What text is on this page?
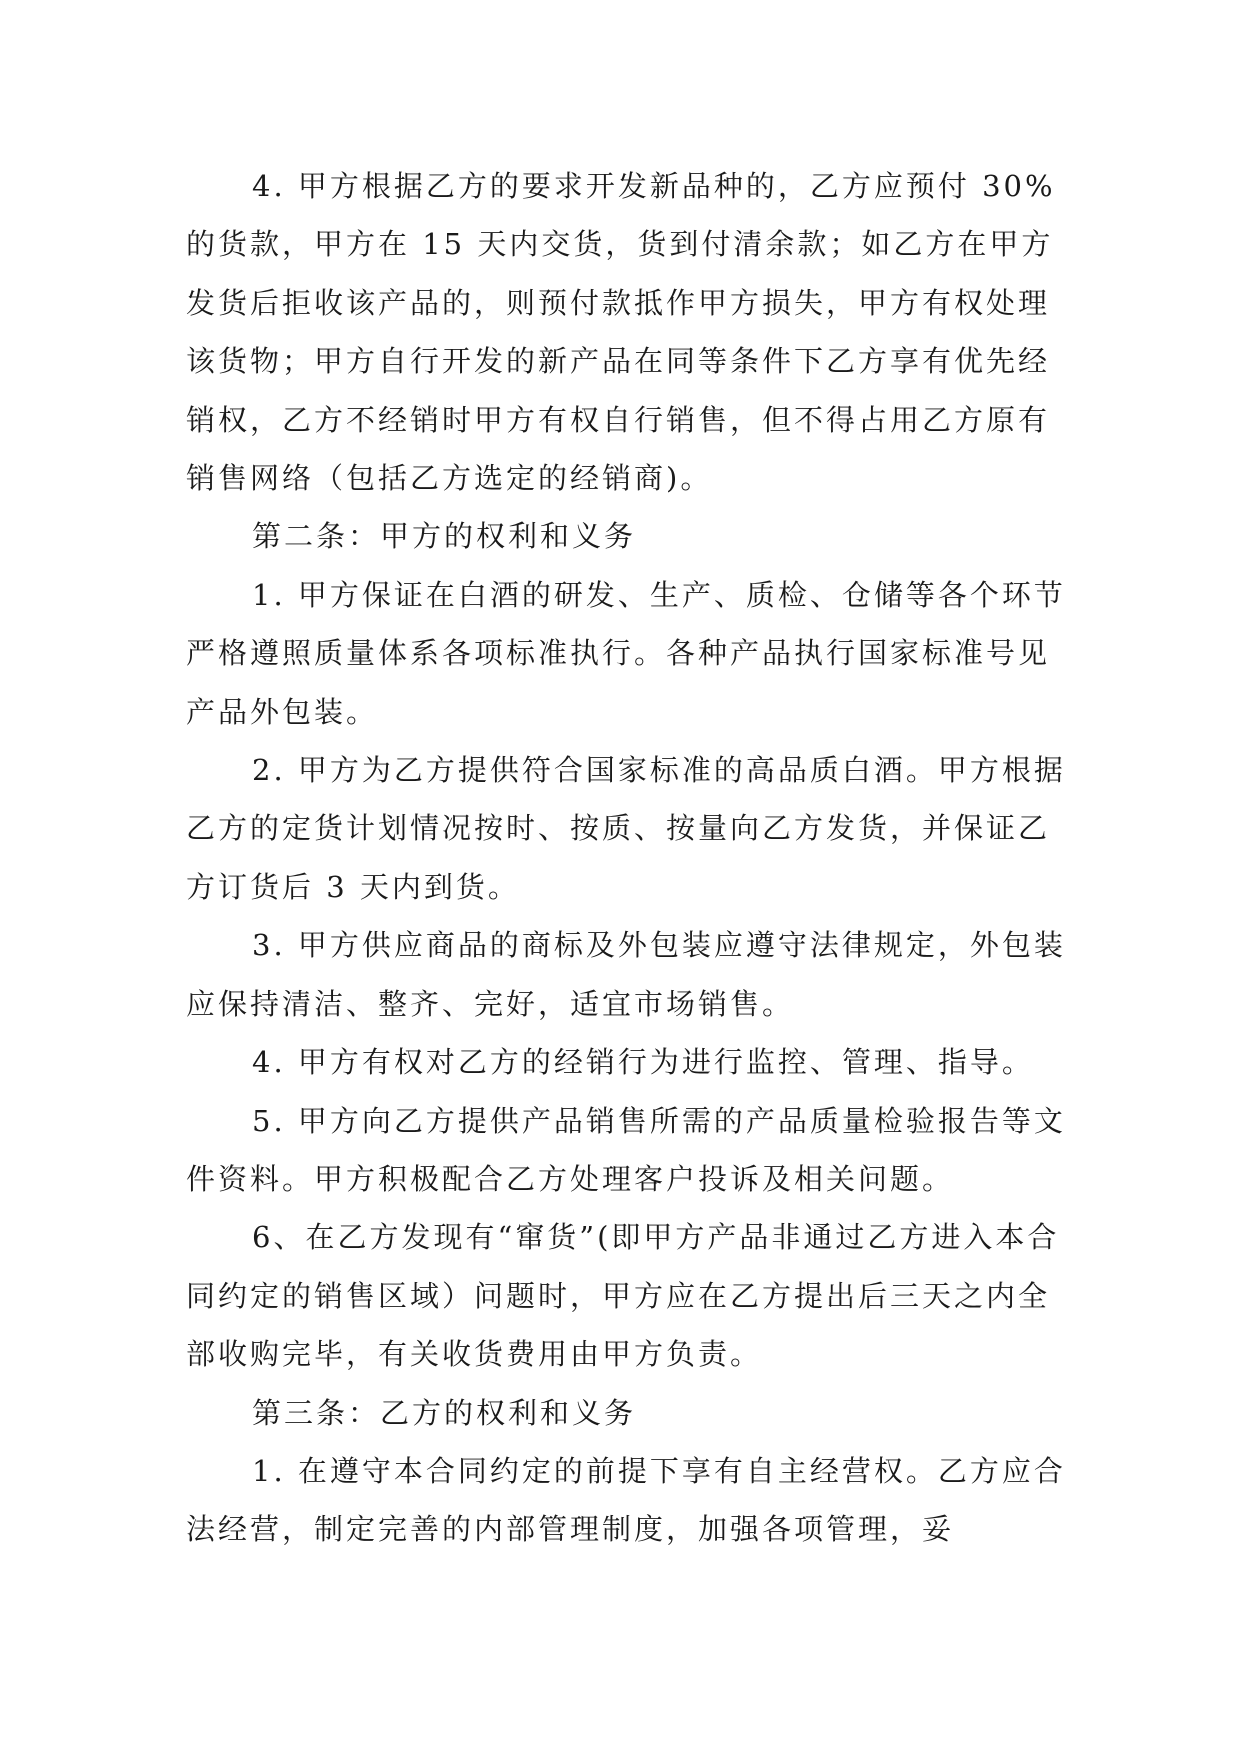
4. 甲方根据乙方的要求开发新品种的，乙方应预付 30%的货款，甲方在 15 天内交货，货到付清余款；如乙方在甲方发货后拒收该产品的，则预付款抵作甲方损失，甲方有权处理该货物；甲方自行开发的新产品在同等条件下乙方享有优先经销权，乙方不经销时甲方有权自行销售，但不得占用乙方原有销售网络（包括乙方选定的经销商)。

第二条：甲方的权利和义务

1. 甲方保证在白酒的研发、生产、质检、仓储等各个环节严格遵照质量体系各项标准执行。各种产品执行国家标准号见产品外包装。

2. 甲方为乙方提供符合国家标准的高品质白酒。甲方根据乙方的定货计划情况按时、按质、按量向乙方发货，并保证乙方订货后 3 天内到货。

3. 甲方供应商品的商标及外包装应遵守法律规定，外包装应保持清洁、整齐、完好，适宜市场销售。

4. 甲方有权对乙方的经销行为进行监控、管理、指导。

5. 甲方向乙方提供产品销售所需的产品质量检验报告等文件资料。甲方积极配合乙方处理客户投诉及相关问题。

6、在乙方发现有“窜货”(即甲方产品非通过乙方进入本合同约定的销售区域）问题时，甲方应在乙方提出后三天之内全部收购完毕，有关收货费用由甲方负责。

第三条：乙方的权利和义务

1. 在遵守本合同约定的前提下享有自主经营权。乙方应合法经营，制定完善的内部管理制度，加强各项管理，妥
